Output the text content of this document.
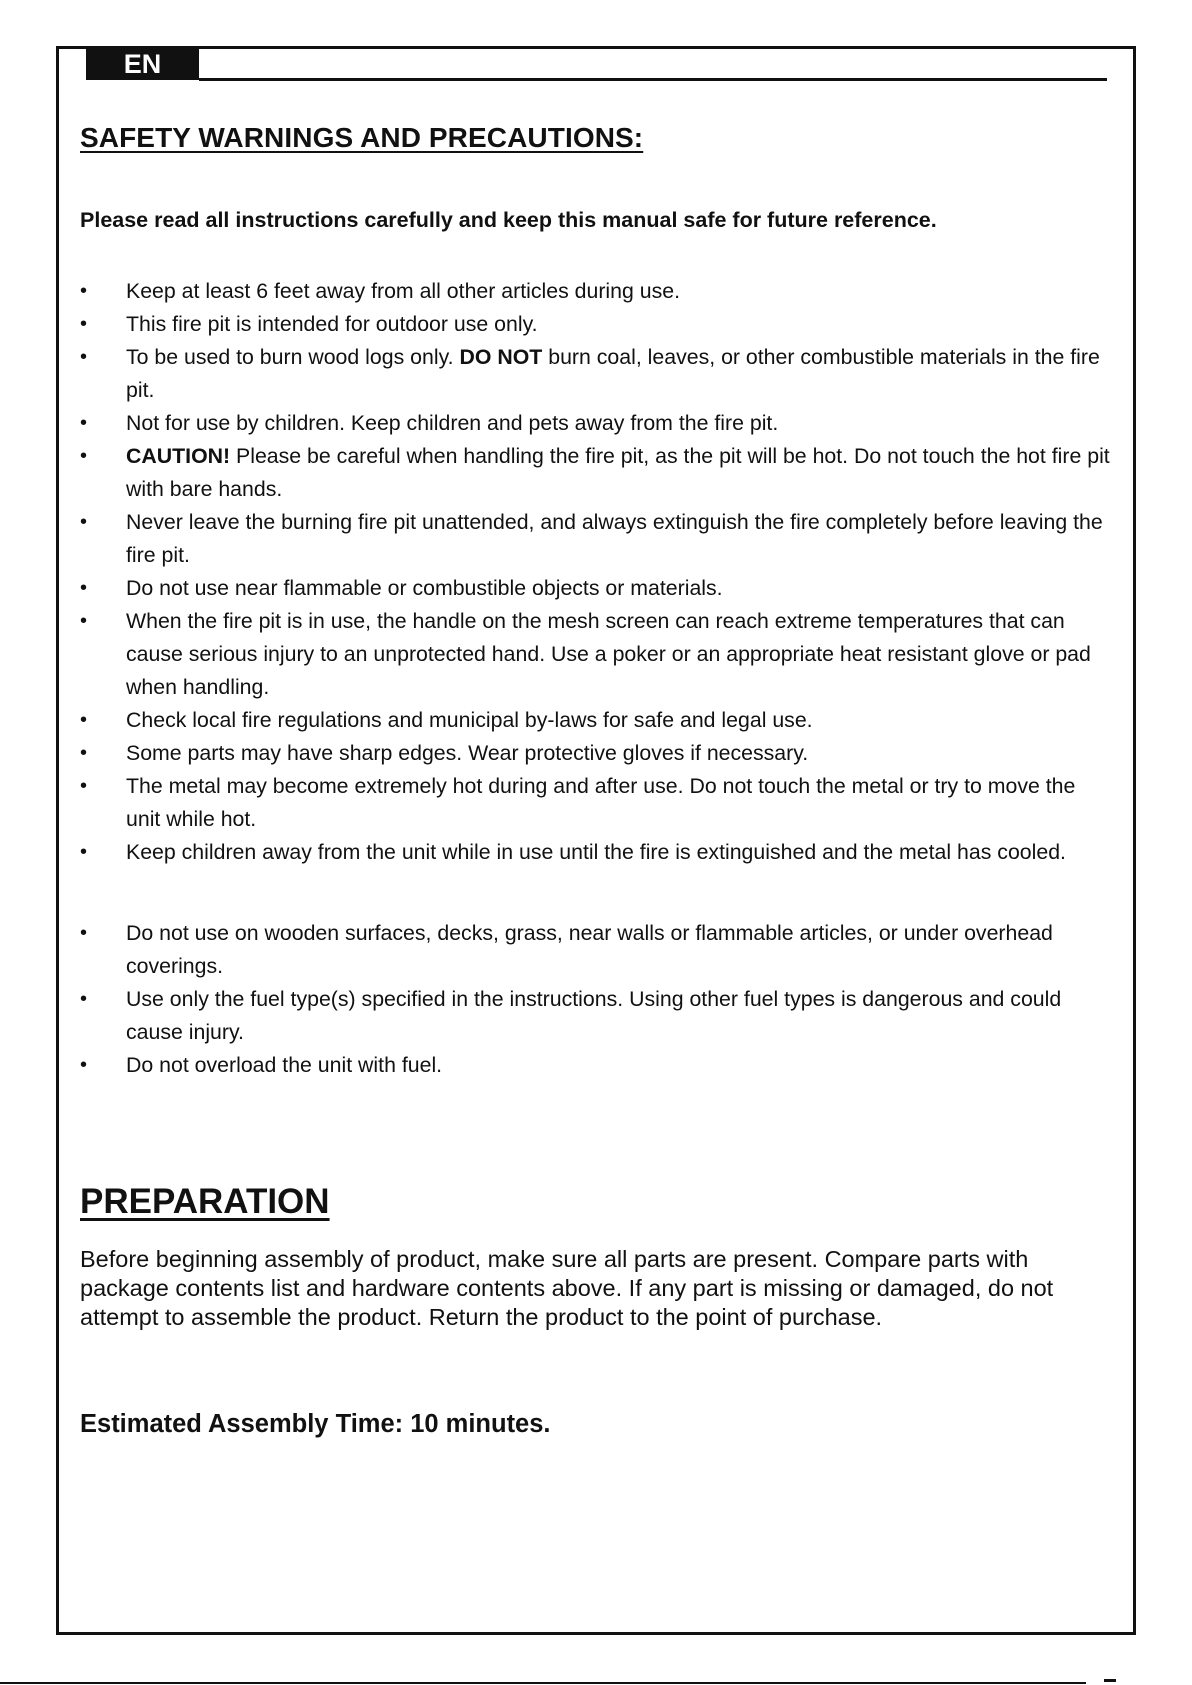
EN
SAFETY WARNINGS AND PRECAUTIONS:

Please read all instructions carefully and keep this manual safe for future reference.

• Keep at least 6 feet away from all other articles during use.
• This fire pit is intended for outdoor use only.
• To be used to burn wood logs only. DO NOT burn coal, leaves, or other combustible materials in the fire pit.
• Not for use by children. Keep children and pets away from the fire pit.
• CAUTION! Please be careful when handling the fire pit, as the pit will be hot. Do not touch the hot fire pit with bare hands.
• Never leave the burning fire pit unattended, and always extinguish the fire completely before leaving the fire pit.
• Do not use near flammable or combustible objects or materials.
• When the fire pit is in use, the handle on the mesh screen can reach extreme temperatures that can cause serious injury to an unprotected hand. Use a poker or an appropriate heat resistant glove or pad when handling.
• Check local fire regulations and municipal by-laws for safe and legal use.
• Some parts may have sharp edges. Wear protective gloves if necessary.
• The metal may become extremely hot during and after use. Do not touch the metal or try to move the unit while hot.
• Keep children away from the unit while in use until the fire is extinguished and the metal has cooled.
• Do not use on wooden surfaces, decks, grass, near walls or flammable articles, or under overhead coverings.
• Use only the fuel type(s) specified in the instructions. Using other fuel types is dangerous and could cause injury.
• Do not overload the unit with fuel.
PREPARATION

Before beginning assembly of product, make sure all parts are present. Compare parts with package contents list and hardware contents above. If any part is missing or damaged, do not attempt to assemble the product. Return the product to the point of purchase.

Estimated Assembly Time: 10 minutes.
